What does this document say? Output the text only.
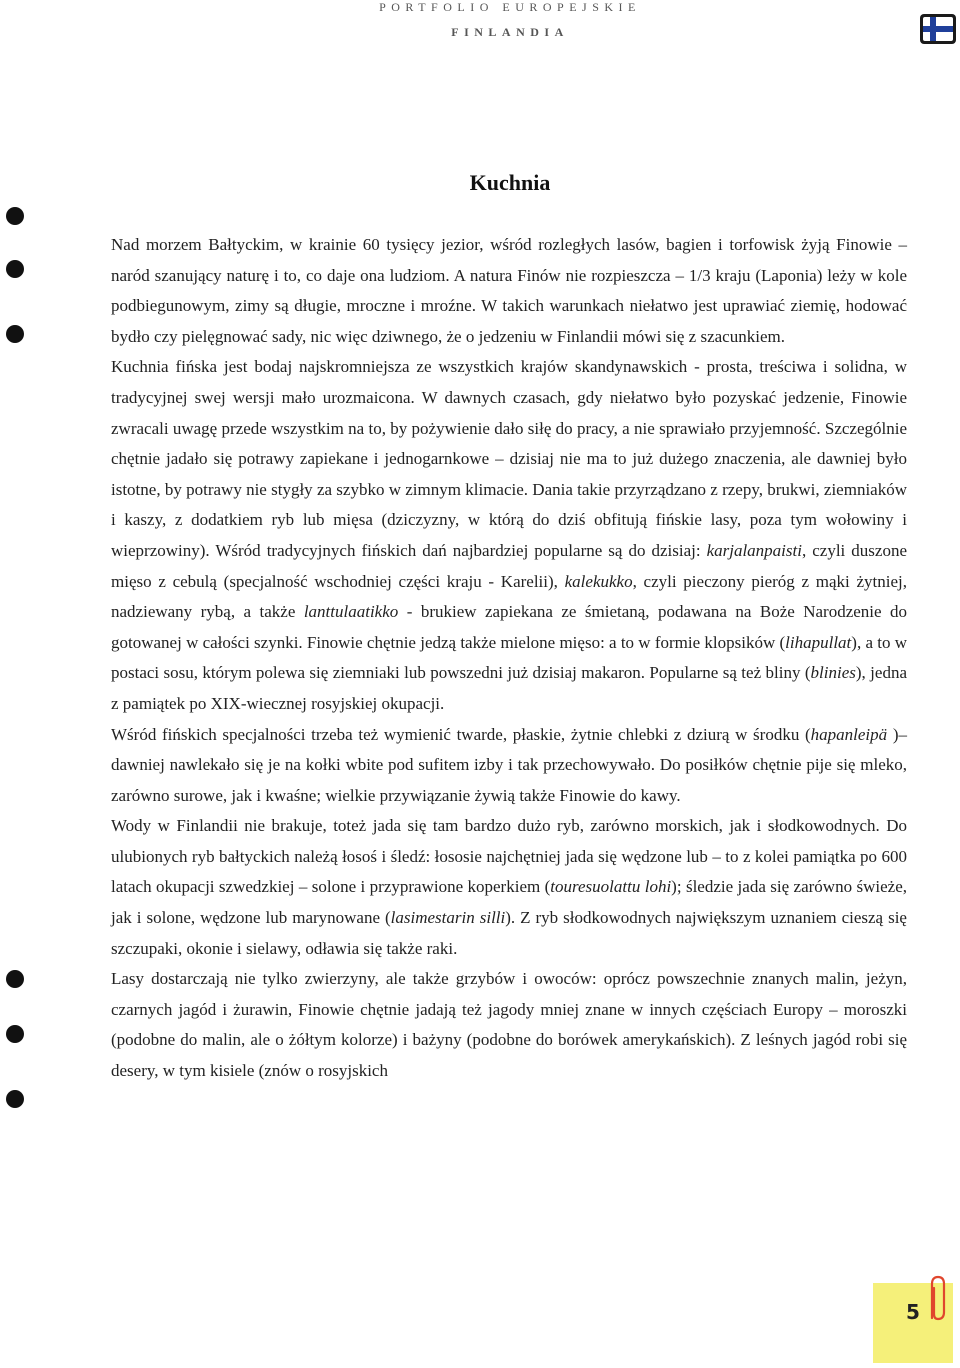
PORTFOLIO EUROPEJSKIE
FINLANDIA
Kuchnia

Nad morzem Bałtyckim, w krainie 60 tysięcy jezior, wśród rozległych lasów, bagien i torfowisk żyją Finowie – naród szanujący naturę i to, co daje ona ludziom. A natura Finów nie rozpieszcza – 1/3 kraju (Laponia) leży w kole podbiegunowym, zimy są długie, mroczne i mroźne. W takich warunkach niełatwo jest uprawiać ziemię, hodować bydło czy pielęgnować sady, nic więc dziwnego, że o jedzeniu w Finlandii mówi się z szacunkiem.

Kuchnia fińska jest bodaj najskromniejsza ze wszystkich krajów skandynawskich - prosta, treściwa i solidna, w tradycyjnej swej wersji mało urozmaicona. W dawnych czasach, gdy niełatwo było pozyskać jedzenie, Finowie zwracali uwagę przede wszystkim na to, by pożywienie dało siłę do pracy, a nie sprawiało przyjemność. Szczególnie chętnie jadało się potrawy zapiekane i jednogarnkowe – dzisiaj nie ma to już dużego znaczenia, ale dawniej było istotne, by potrawy nie stygły za szybko w zimnym klimacie. Dania takie przyrządzano z rzepy, brukwi, ziemniaków i kaszy, z dodatkiem ryb lub mięsa (dziczyzny, w którą do dziś obfitują fińskie lasy, poza tym wołowiny i wieprzowiny). Wśród tradycyjnych fińskich dań najbardziej popularne są do dzisiaj: karjalanpaisti, czyli duszone mięso z cebulą (specjalność wschodniej części kraju - Karelii), kalekukko, czyli pieczony pieróg z mąki żytniej, nadziewany rybą, a także lanttulaatikko - brukiew zapiekana ze śmietaną, podawana na Boże Narodzenie do gotowanej w całości szynki. Finowie chętnie jedzą także mielone mięso: a to w formie klopsików (lihapullat), a to w postaci sosu, którym polewa się ziemniaki lub powszedni już dzisiaj makaron. Popularne są też bliny (blinies), jedna z pamiątek po XIX-wiecznej rosyjskiej okupacji.

Wśród fińskich specjalności trzeba też wymienić twarde, płaskie, żytnie chlebki z dziurą w środku (hapanleipä )– dawniej nawlekało się je na kołki wbite pod sufitem izby i tak przechowywało. Do posiłków chętnie pije się mleko, zarówno surowe, jak i kwaśne; wielkie przywiązanie żywią także Finowie do kawy.

Wody w Finlandii nie brakuje, toteż jada się tam bardzo dużo ryb, zarówno morskich, jak i słodkowodnych. Do ulubionych ryb bałtyckich należą łosoś i śledź: łososie najchętniej jada się wędzone lub – to z kolei pamiątka po 600 latach okupacji szwedzkiej – solone i przyprawione koperkiem (touresuolattu lohi); śledzie jada się zarówno świeże, jak i solone, wędzone lub marynowane (lasimestarin silli). Z ryb słodkowodnych największym uznaniem cieszą się szczupaki, okonie i sielawy, odławia się także raki.

Lasy dostarczają nie tylko zwierzyny, ale także grzybów i owoców: oprócz powszechnie znanych malin, jeżyn, czarnych jagód i żurawin, Finowie chętnie jadają też jagody mniej znane w innych częściach Europy – moroszki (podobne do malin, ale o żółtym kolorze) i bażyny (podobne do borówek amerykańskich). Z leśnych jagód robi się desery, w tym kisiele (znów o rosyjskich

5
